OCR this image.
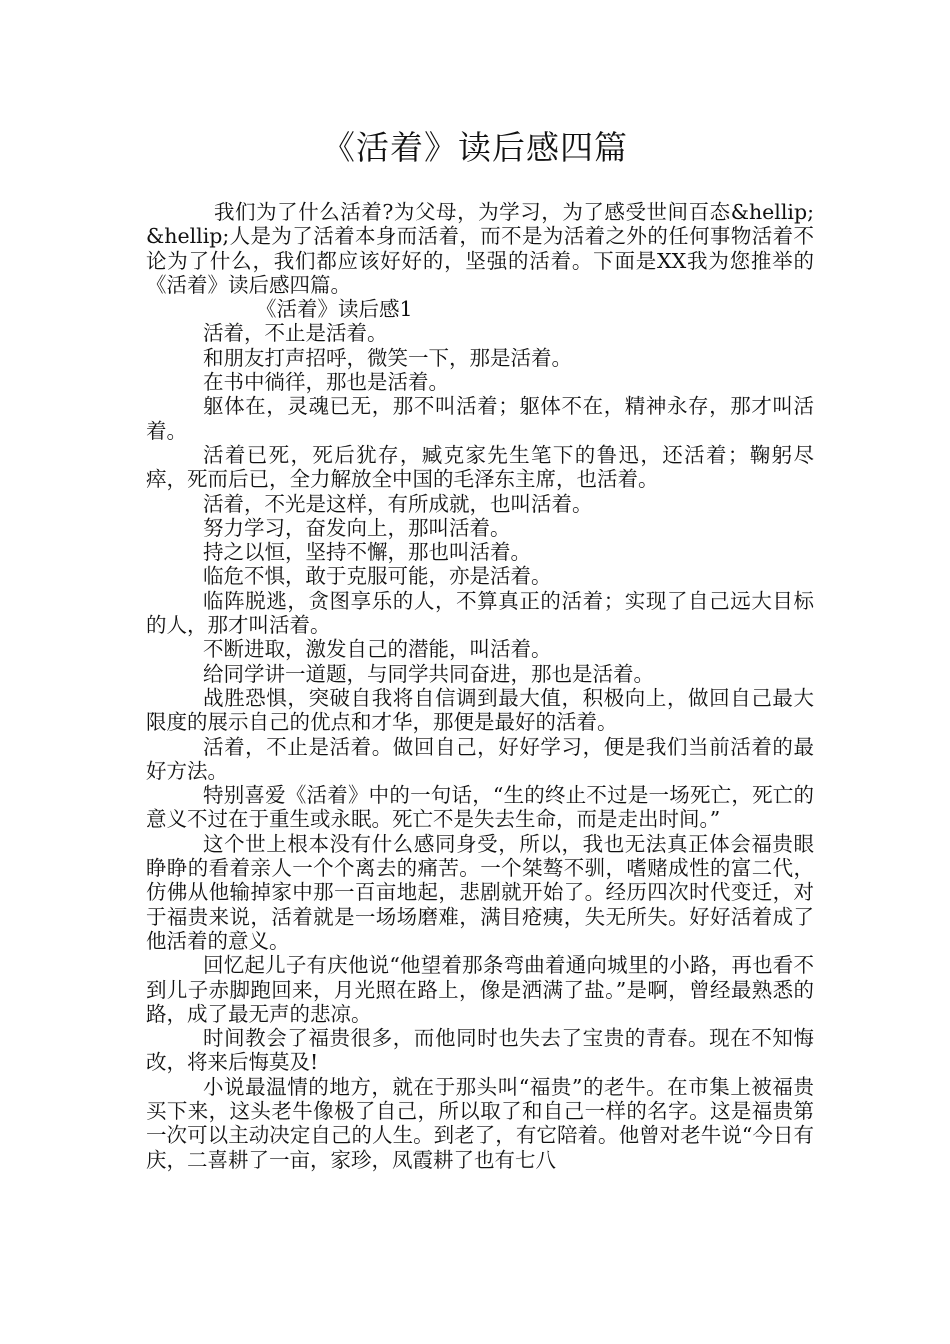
《活着》读后感四篇

我们为了什么活着?为父母，为学习，为了感受世间百态&hellip;&hellip;人是为了活着本身而活着，而不是为活着之外的任何事物活着不论为了什么，我们都应该好好的，坚强的活着。下面是XX我为您推举的《活着》读后感四篇。

《活着》读后感1

活着，不止是活着。

和朋友打声招呼，微笑一下，那是活着。

在书中徜徉，那也是活着。

躯体在，灵魂已无，那不叫活着；躯体不在，精神永存，那才叫活着。

活着已死，死后犹存，臧克家先生笔下的鲁迅，还活着；鞠躬尽瘁，死而后已，全力解放全中国的毛泽东主席，也活着。

活着，不光是这样，有所成就，也叫活着。

努力学习，奋发向上，那叫活着。

持之以恒，坚持不懈，那也叫活着。

临危不惧，敢于克服可能，亦是活着。

临阵脱逃，贪图享乐的人，不算真正的活着；实现了自己远大目标的人，那才叫活着。

不断进取，激发自己的潜能，叫活着。

给同学讲一道题，与同学共同奋进，那也是活着。

战胜恐惧，突破自我将自信调到最大值，积极向上，做回自己最大限度的展示自己的优点和才华，那便是最好的活着。

活着，不止是活着。做回自己，好好学习，便是我们当前活着的最好方法。

特别喜爱《活着》中的一句话，“生的终止不过是一场死亡，死亡的意义不过在于重生或永眠。死亡不是失去生命，而是走出时间。”

这个世上根本没有什么感同身受，所以，我也无法真正体会福贵眼睁睁的看着亲人一个个离去的痛苦。一个桀骜不驯，嗜赌成性的富二代，仿佛从他输掉家中那一百亩地起，悲剧就开始了。经历四次时代变迁，对于福贵来说，活着就是一场场磨难，满目疮痍，失无所失。好好活着成了他活着的意义。

回忆起儿子有庆他说“他望着那条弯曲着通向城里的小路，再也看不到儿子赤脚跑回来，月光照在路上，像是洒满了盐。”是啊，曾经最熟悉的路，成了最无声的悲凉。

时间教会了福贵很多，而他同时也失去了宝贵的青春。现在不知悔改，将来后悔莫及!

小说最温情的地方，就在于那头叫“福贵”的老牛。在市集上被福贵买下来，这头老牛像极了自己，所以取了和自己一样的名字。这是福贵第一次可以主动决定自己的人生。到老了，有它陪着。他曾对老牛说“今日有庆，二喜耕了一亩，家珍，凤霞耕了也有七八
